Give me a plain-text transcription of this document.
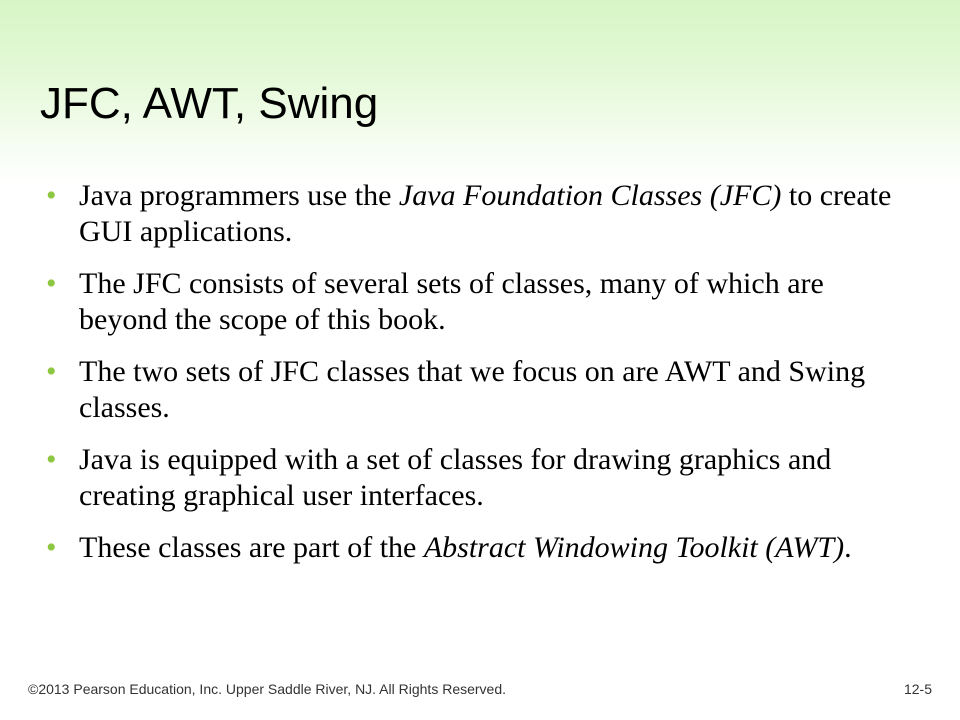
JFC, AWT, Swing
• Java programmers use the Java Foundation Classes (JFC) to create GUI applications.
• The JFC consists of several sets of classes, many of which are beyond the scope of this book.
• The two sets of JFC classes that we focus on are AWT and Swing classes.
• Java is equipped with a set of classes for drawing graphics and creating graphical user interfaces.
• These classes are part of the Abstract Windowing Toolkit (AWT).
©2013 Pearson Education, Inc. Upper Saddle River, NJ. All Rights Reserved.	12-5
